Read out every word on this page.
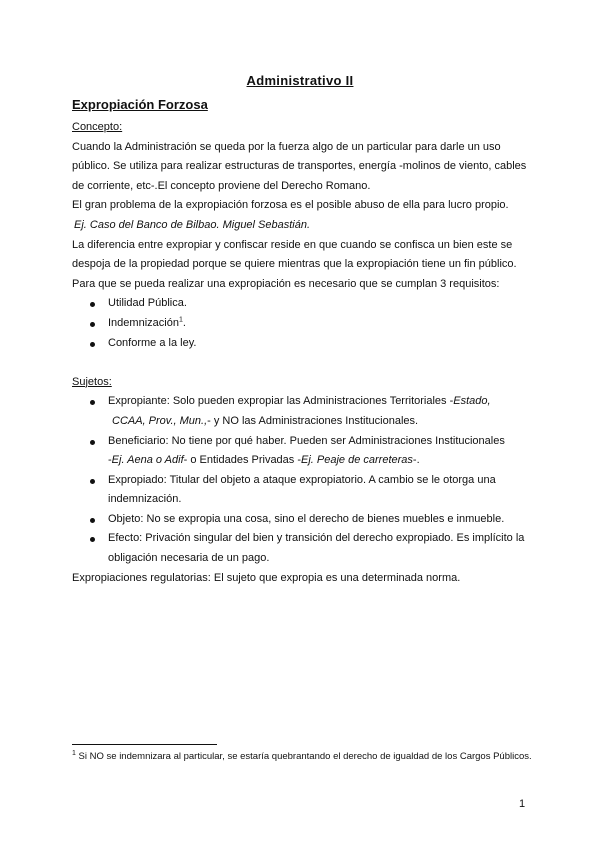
Administrativo II
Expropiación Forzosa

Concepto:

Cuando la Administración se queda por la fuerza algo de un particular para darle un uso público. Se utiliza para realizar estructuras de transportes, energía -molinos de viento, cables de corriente, etc-.El concepto proviene del Derecho Romano.

El gran problema de la expropiación forzosa es el posible abuso de ella para lucro propio.

Ej. Caso del Banco de Bilbao. Miguel Sebastián.

La diferencia entre expropiar y confiscar reside en que cuando se confisca un bien este se despoja de la propiedad porque se quiere mientras que la expropiación tiene un fin público.

Para que se pueda realizar una expropiación es necesario que se cumplan 3 requisitos:

Utilidad Pública.
Indemnización$^1$.
Conforme a la ley.

Sujetos:

Expropiante: Solo pueden expropiar las Administraciones Territoriales -Estado,
CCAA, Prov., Mun.,- y NO las Administraciones Institucionales.
Beneficiario: No tiene por qué haber. Pueden ser Administraciones Institucionales
-Ej. Aena o Adif- o Entidades Privadas -Ej. Peaje de carreteras-.
Expropiado: Titular del objeto a ataque expropiatorio. A cambio se le otorga una indemnización.
Objeto: No se expropia una cosa, sino el derecho de bienes muebles e inmueble.
Efecto: Privación singular del bien y transición del derecho expropiado. Es implícito la obligación necesaria de un pago.

Expropiaciones regulatorias: El sujeto que expropia es una determinada norma.

$^1$ Si NO se indemnizara al particular, se estaría quebrantando el derecho de igualdad de los Cargos Públicos.
1
